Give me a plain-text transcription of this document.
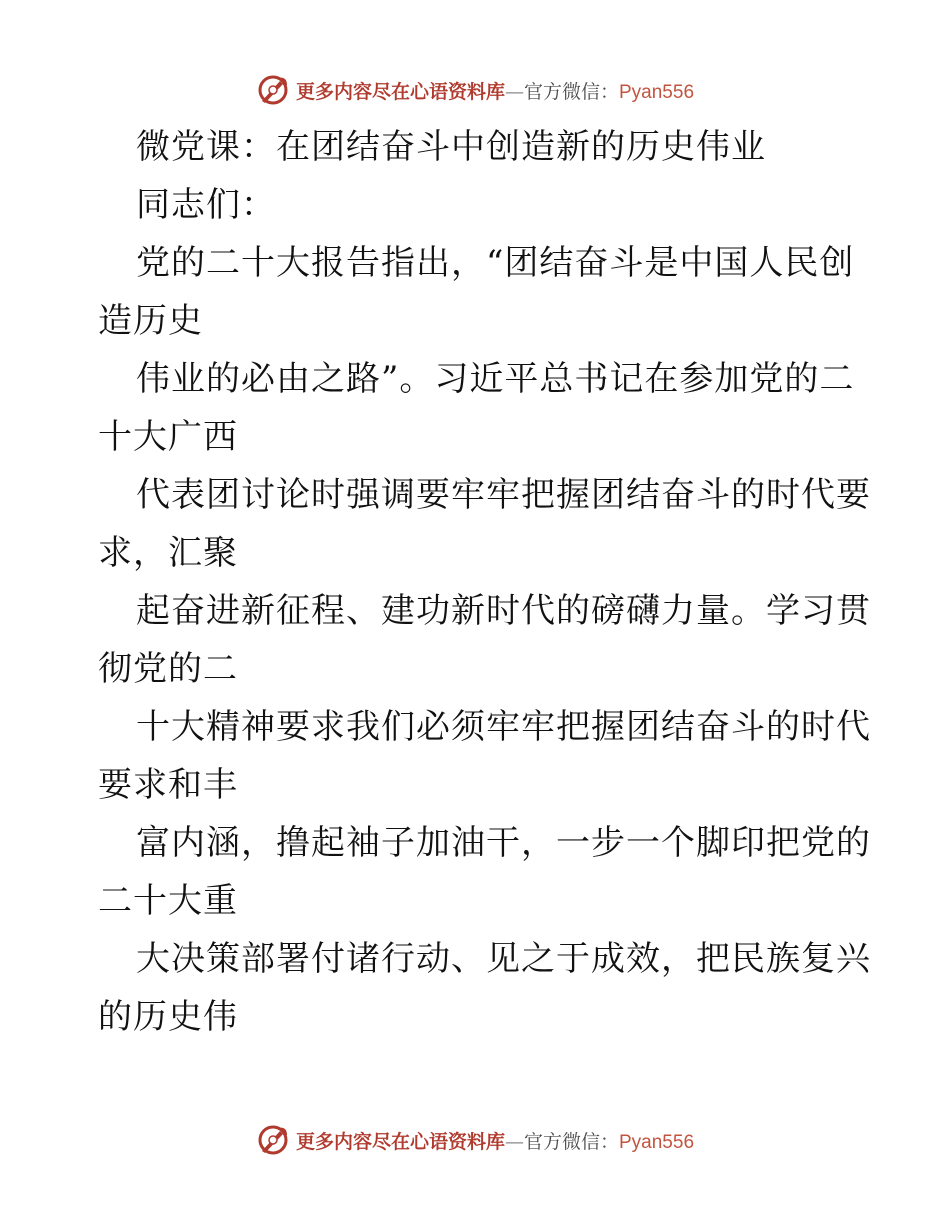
更多内容尽在心语资料库—官方微信：Pyan556
微党课：在团结奋斗中创造新的历史伟业
同志们：
党的二十大报告指出，“团结奋斗是中国人民创
造历史
伟业的必由之路”。习近平总书记在参加党的二
十大广西
代表团讨论时强调要牢牢把握团结奋斗的时代要
求，汇聚
起奋进新征程、建功新时代的磅礴力量。学习贯
彻党的二
十大精神要求我们必须牢牢把握团结奋斗的时代
要求和丰
富内涵，撸起袖子加油干，一步一个脚印把党的
二十大重
大决策部署付诸行动、见之于成效，把民族复兴
的历史伟
更多内容尽在心语资料库—官方微信：Pyan556
